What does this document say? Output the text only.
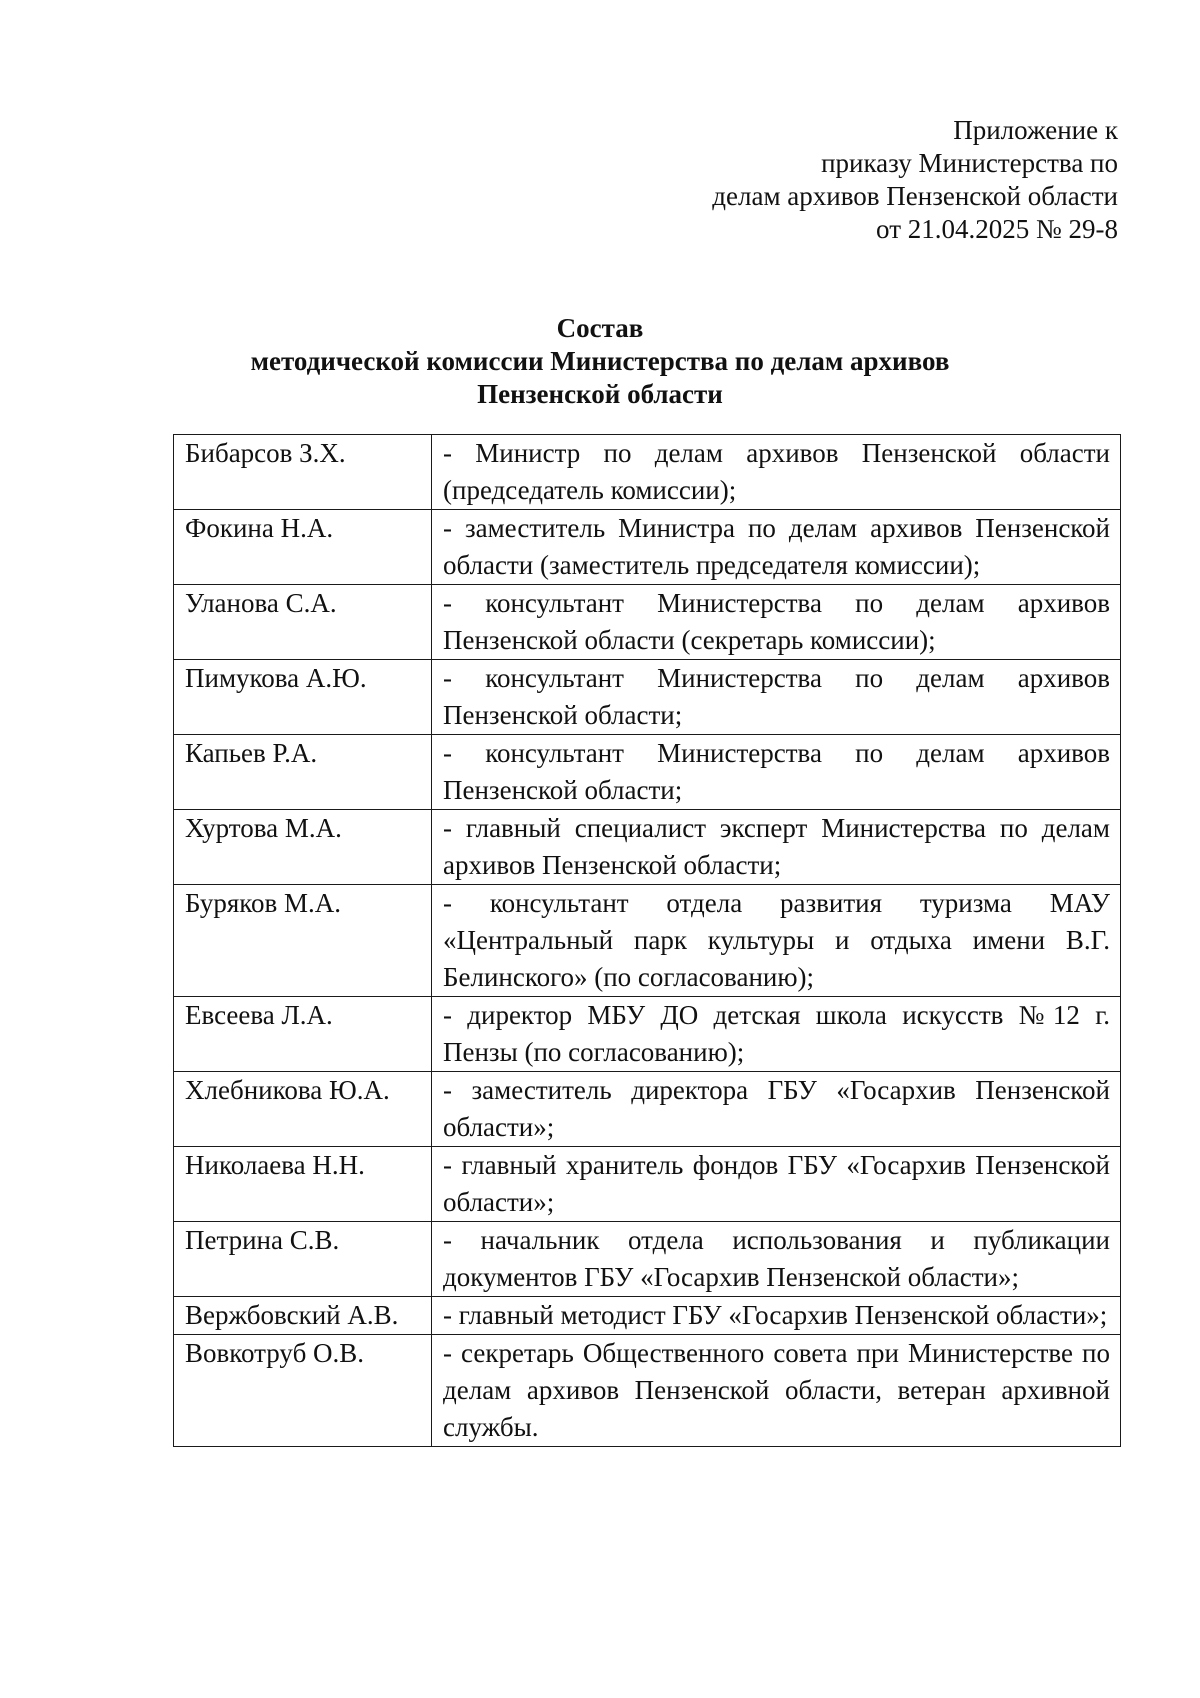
Приложение к
приказу Министерства по
делам архивов Пензенской области
от 21.04.2025 № 29-8
Состав
методической комиссии Министерства по делам архивов
Пензенской области
Бибарсов З.Х.	- Министр по делам архивов Пензенской области (председатель комиссии);
Фокина Н.А.	- заместитель Министра по делам архивов Пензенской области (заместитель председателя комиссии);
Уланова С.А.	- консультант Министерства по делам архивов Пензенской области (секретарь комиссии);
Пимукова А.Ю.	- консультант Министерства по делам архивов Пензенской области;
Капьев Р.А.	- консультант Министерства по делам архивов Пензенской области;
Хуртова М.А.	- главный специалист эксперт Министерства по делам архивов Пензенской области;
Буряков М.А.	- консультант отдела развития туризма МАУ «Центральный парк культуры и отдыха имени В.Г. Белинского» (по согласованию);
Евсеева Л.А.	- директор МБУ ДО детская школа искусств №12 г. Пензы (по согласованию);
Хлебникова Ю.А.	- заместитель директора ГБУ «Госархив Пензенской области»;
Николаева Н.Н.	- главный хранитель фондов ГБУ «Госархив Пензенской области»;
Петрина С.В.	- начальник отдела использования и публикации документов ГБУ «Госархив Пензенской области»;
Вержбовский А.В.	- главный методист ГБУ «Госархив Пензенской области»;
Вовкотруб О.В.	- секретарь Общественного совета при Министерстве по делам архивов Пензенской области, ветеран архивной службы.
